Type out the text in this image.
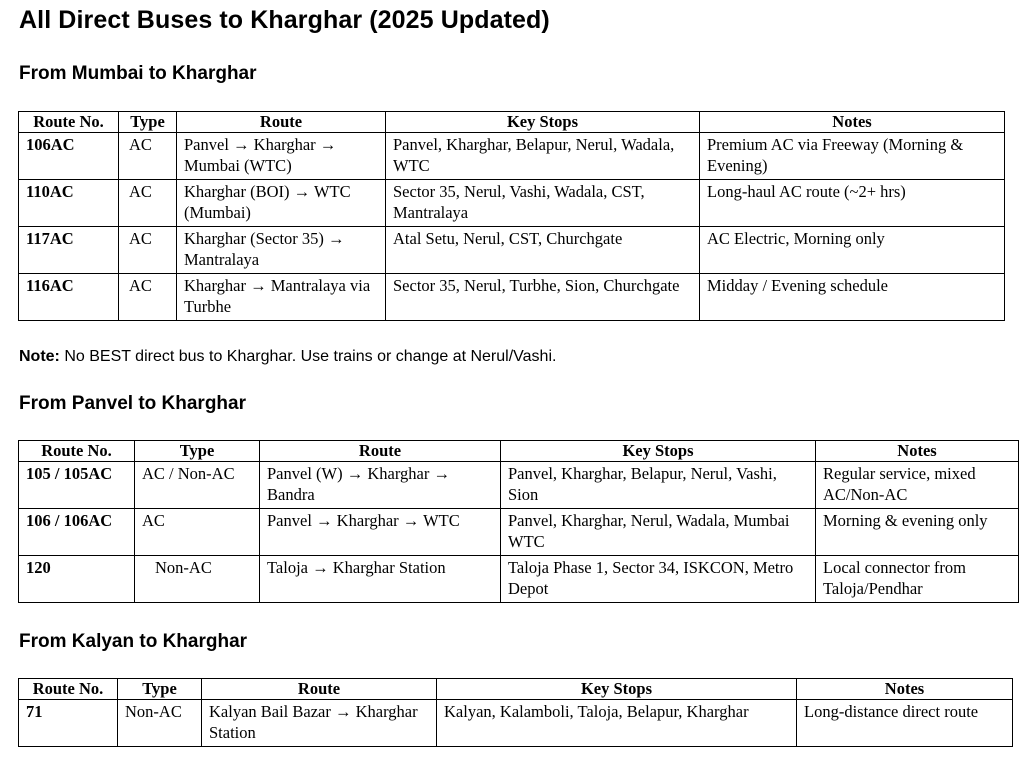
All Direct Buses to Kharghar (2025 Updated)
From Mumbai to Kharghar
Route No.	Type	Route	Key Stops	Notes
106AC	AC	Panvel → Kharghar → Mumbai (WTC)	Panvel, Kharghar, Belapur, Nerul, Wadala, WTC	Premium AC via Freeway (Morning & Evening)
110AC	AC	Kharghar (BOI) → WTC (Mumbai)	Sector 35, Nerul, Vashi, Wadala, CST, Mantralaya	Long-haul AC route (~2+ hrs)
117AC	AC	Kharghar (Sector 35) → Mantralaya	Atal Setu, Nerul, CST, Churchgate	AC Electric, Morning only
116AC	AC	Kharghar → Mantralaya via Turbhe	Sector 35, Nerul, Turbhe, Sion, Churchgate	Midday / Evening schedule

Note: No BEST direct bus to Kharghar. Use trains or change at Nerul/Vashi.

From Panvel to Kharghar
Route No.	Type	Route	Key Stops	Notes
105 / 105AC	AC / Non-AC	Panvel (W) → Kharghar → Bandra	Panvel, Kharghar, Belapur, Nerul, Vashi, Sion	Regular service, mixed AC/Non-AC
106 / 106AC	AC	Panvel → Kharghar → WTC	Panvel, Kharghar, Nerul, Wadala, Mumbai WTC	Morning & evening only
120	Non-AC	Taloja → Kharghar Station	Taloja Phase 1, Sector 34, ISKCON, Metro Depot	Local connector from Taloja/Pendhar
From Kalyan to Kharghar
Route No.	Type	Route	Key Stops	Notes
71	Non-AC	Kalyan Bail Bazar → Kharghar Station	Kalyan, Kalamboli, Taloja, Belapur, Kharghar	Long-distance direct route
